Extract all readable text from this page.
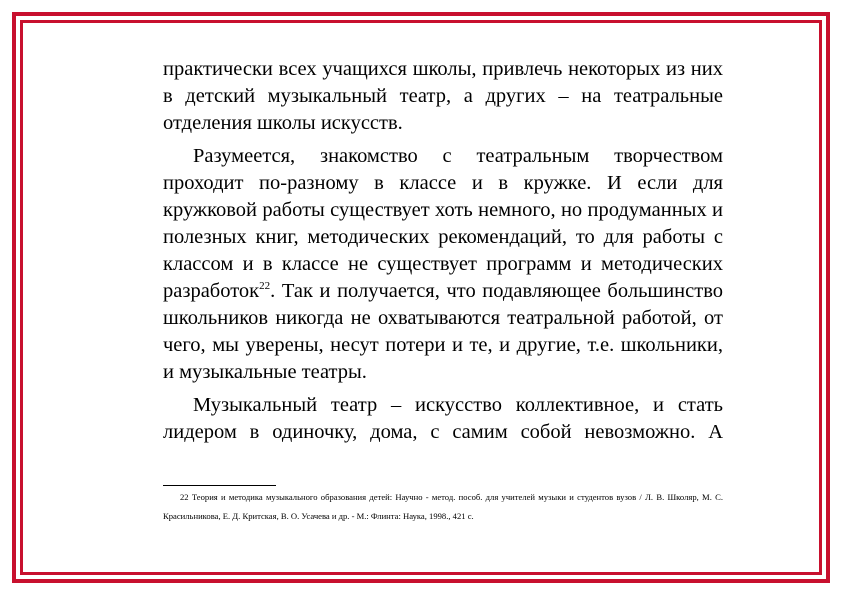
практически всех учащихся школы, привлечь некоторых из них в детский музыкальный театр, а других – на театральные отделения школы искусств.

Разумеется, знакомство с театральным творчеством проходит по-разному в классе и в кружке. И если для кружковой работы существует хоть немного, но продуманных и полезных книг, методических рекомендаций, то для работы с классом и в классе не существует программ и методических разработок$^{22}$. Так и получается, что подавляющее большинство школьников никогда не охватываются театральной работой, от чего, мы уверены, несут потери и те, и другие, т.е. школьники, и музыкальные театры.

Музыкальный театр – искусство коллективное, и стать лидером в одиночку, дома, с самим собой невозможно. А

22 Теория и методика музыкального образования детей: Научно - метод. пособ. для учителей музыки и студентов вузов / Л. В. Школяр, М. С. Красильникова, Е. Д. Критская, В. О. Усачева и др. - М.: Флинта: Наука, 1998., 421 с.
